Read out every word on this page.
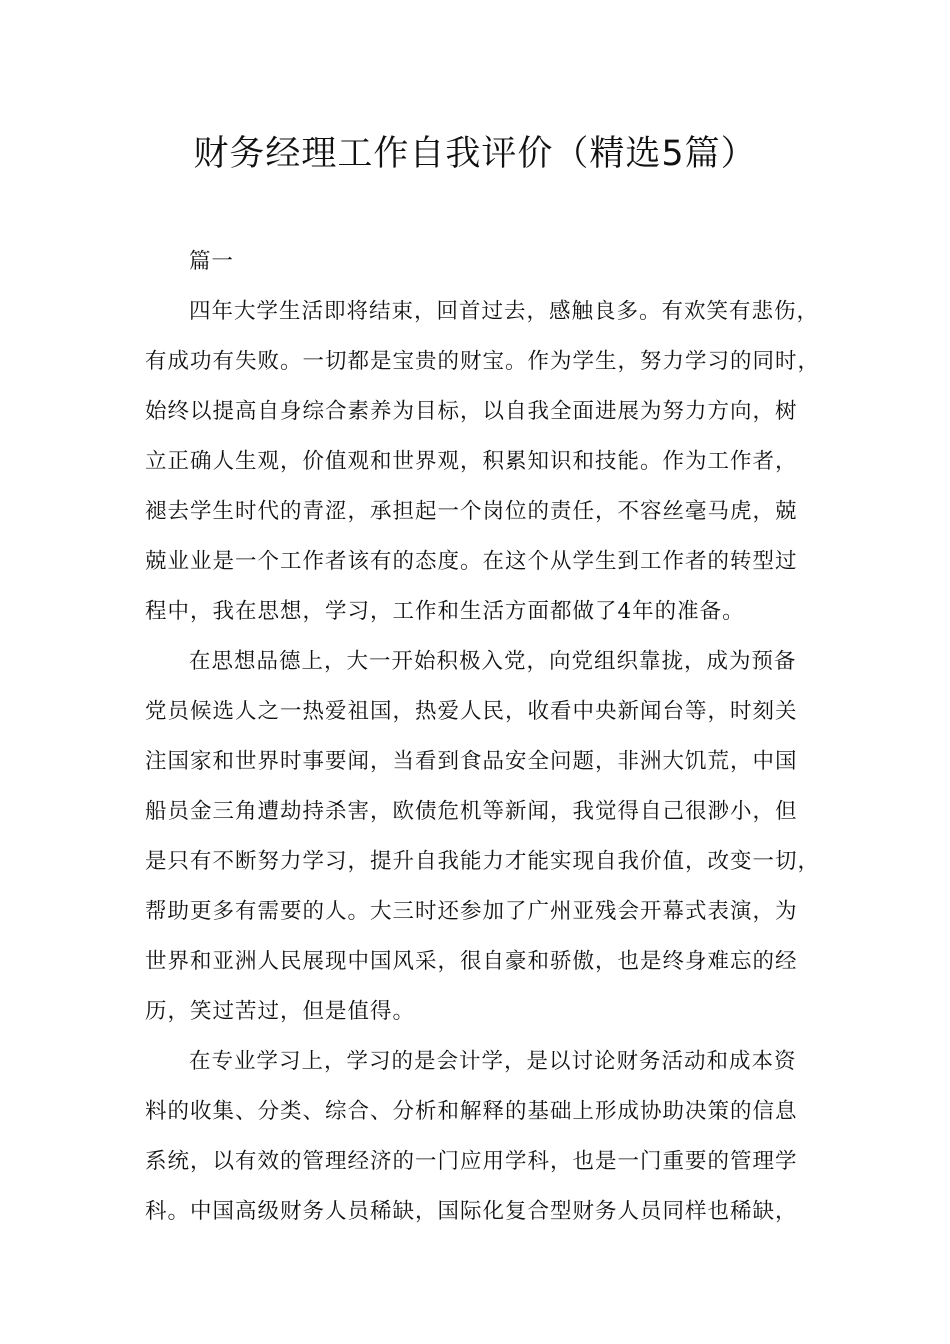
财务经理工作自我评价（精选5篇）

篇一

四年大学生活即将结束，回首过去，感触良多。有欢笑有悲伤，

有成功有失败。一切都是宝贵的财宝。作为学生，努力学习的同时，

始终以提高自身综合素养为目标，以自我全面进展为努力方向，树

立正确人生观，价值观和世界观，积累知识和技能。作为工作者，

褪去学生时代的青涩，承担起一个岗位的责任，不容丝毫马虎，兢

兢业业是一个工作者该有的态度。在这个从学生到工作者的转型过

程中，我在思想，学习，工作和生活方面都做了4年的准备。

在思想品德上，大一开始积极入党，向党组织靠拢，成为预备

党员候选人之一热爱祖国，热爱人民，收看中央新闻台等，时刻关

注国家和世界时事要闻，当看到食品安全问题，非洲大饥荒，中国

船员金三角遭劫持杀害，欧债危机等新闻，我觉得自己很渺小，但

是只有不断努力学习，提升自我能力才能实现自我价值，改变一切，

帮助更多有需要的人。大三时还参加了广州亚残会开幕式表演，为

世界和亚洲人民展现中国风采，很自豪和骄傲，也是终身难忘的经

历，笑过苦过，但是值得。

在专业学习上，学习的是会计学，是以讨论财务活动和成本资

料的收集、分类、综合、分析和解释的基础上形成协助决策的信息

系统，以有效的管理经济的一门应用学科，也是一门重要的管理学

科。中国高级财务人员稀缺，国际化复合型财务人员同样也稀缺，
